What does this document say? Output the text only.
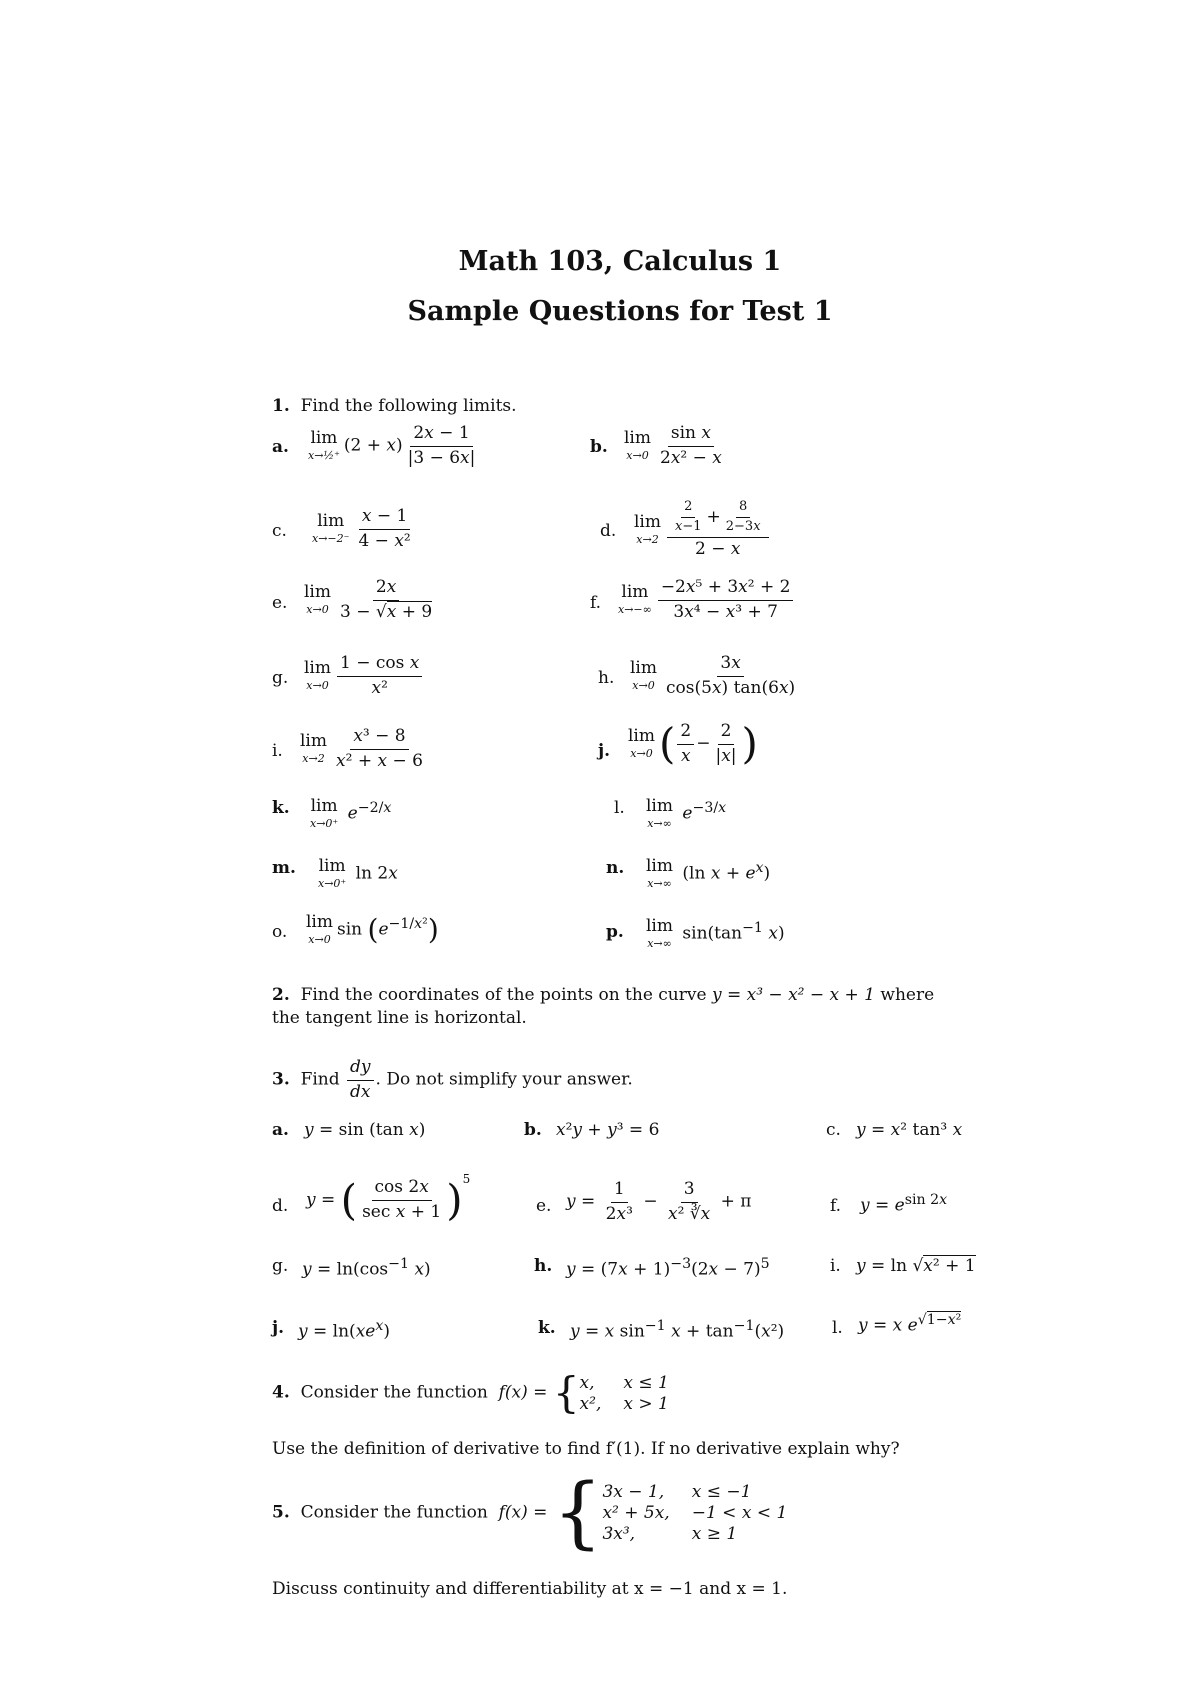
Math 103, Calculus 1
Sample Questions for Test 1
1. Find the following limits.
a. lim
x→½⁺ $(2 + x) \frac{2x - 1}{|3 - 6x|}$	b. lim
$x\to 0 \frac{\text{sin x}}{\text{2x² − x}}$
c.
lim
$x\to-2^- \frac{x - 1}{\text{4 − x²}}$	d. lim
$x\to 2 \frac{\frac{2}{x-1} + \frac{8}{2-3x}}{2 - x}$
e.
lim
$x\to 0 \frac{2x}{3 - √x + 9}$	f.
lim
$x\to-\infty \frac{\text{−2x⁵ + 3x² + 2}}{\text{3x⁴ − x³ + 7}}$
g.
lim
$x\to 0 \frac{\text{1 − cos x}}{\text{x²}}$	h.
lim
$x\to 0 \frac{3x}{\cos(5x) \tan(6x)}$
i.
lim
$x\to 2 \frac{\text{x³ − 8}}{\text{x² + x − 6}}$	j.
lim
x→0 ( $\frac{2}{x} - \frac{2}{|x|}$ )
k. lim
x→0⁺ $e^{-2/x}$	l. lim
x→∞ $e^{-3/x}$
m. lim
x→0⁺ ln 2x	n. lim
x→∞ (ln $x + e^x$)
o. lim
x→0 $\sin (e^{-1/x^2})$	p. lim
x→∞ $\sin(\tan^{-1}$ x)
2. Find the coordinates of the points on the curve y = x³ − x² − x + 1 where
the tangent line is horizontal.
3. Find $\frac{dy}{dx}$ . Do not simplify your answer.
a. y = sin (tan x)	b. x²y + y³ = 6	c. y = x² tan³ x
d. y = ( $\frac{\cos 2x}{\text{sec x + 1}} )^5$
e. $y = \frac{1}{\text{2x³}} - \frac{3}{\text{x² ∛x}} + \pi$	f. $y = e^{sin 2x}$
g. $y = \ln(\cos^{-1}$ x)	h. $y = (7x + 1)^{-3}(2x - 7)^5$	i. y = ln √x² + 1
j. $y = \ln(xe^x)$	k. y = x $\sin^{-1} x + \tan^{-1}(x^2)$	l. y = x $e^{√1-x^2}$
4. Consider the function f(x) = { x,	x ≤ 1
x², x > 1
Use the definition of derivative to find f′(1). If no derivative explain why?
5. Consider the function f(x) = { 3x − 1,	x ≤ −1
x² + 5x, −1 < x < 1
3x³,	x ≥ 1
Discuss continuity and differentiability at x = −1 and x = 1.
